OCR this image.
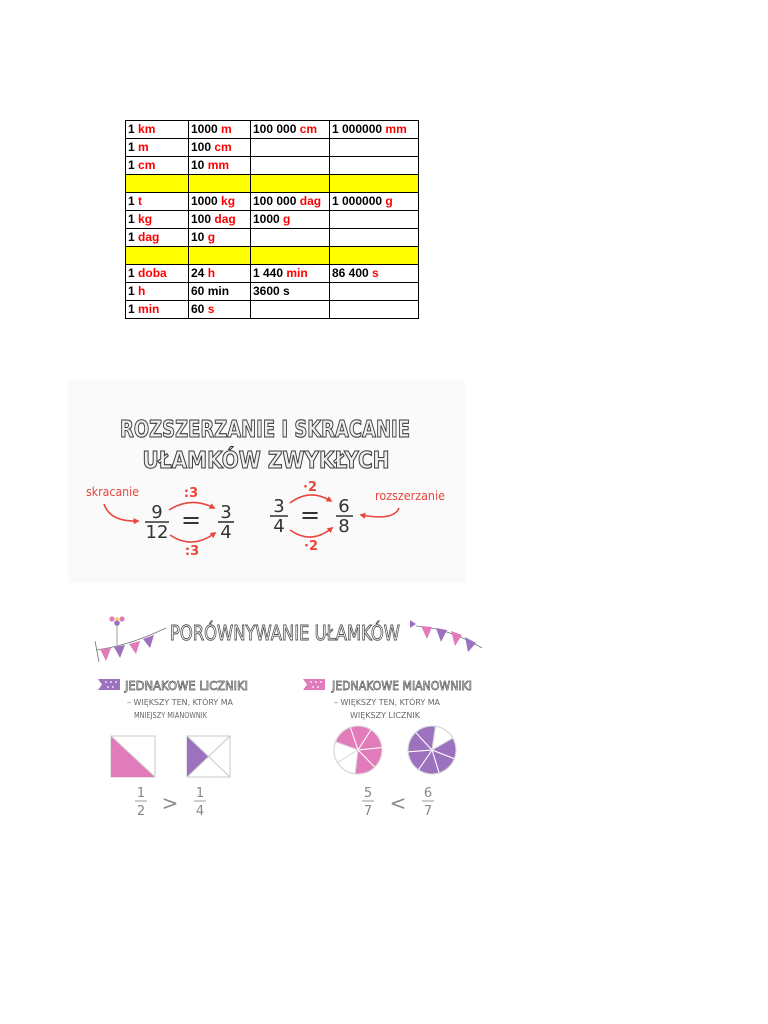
1 km	1000 m	100 000 cm	1 000000 mm
1 m	100 cm		
1 cm	10 mm		

1 t	1000 kg	100 000 dag	1 000000 g
1 kg	100 dag	1000 g	
1 dag	10 g		

1 doba	24 h	1 440 min	86 400 s
1 h	60 min	3600 s	
1 min	60 s		
ROZSZERZANIE I SKRACANIE
UŁAMKÓW ZWYKŁYCH
skracanie	:3
9
12 = 3
4
:3
·2
3
4 = 6
8
·2
rozszerzanie
PORÓWNYWANIE UŁAMKÓW
JEDNAKOWE LICZNIKI
– WIĘKSZY TEN, KTÓRY MA
MNIEJSZY MIANOWNIK
1
2 > 1
4
JEDNAKOWE MIANOWNIKI
– WIĘKSZY TEN, KTÓRY MA
WIĘKSZY LICZNIK
5
7 < 6
7
